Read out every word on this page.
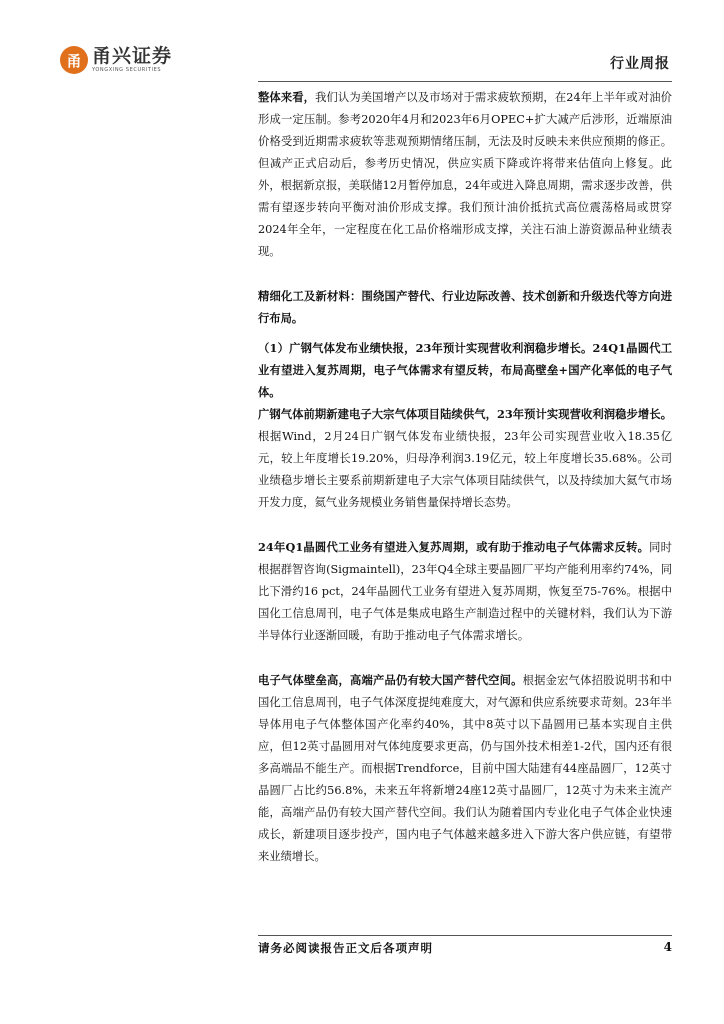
甬 甬兴证券
YONGXING SECURITIES	行业周报

整体来看，我们认为美国增产以及市场对于需求疲软预期，在24年上半年或对油价形成一定压制。参考2020年4月和2023年6月OPEC+扩大减产后涉形，近端原油价格受到近期需求疲软等悲观预期情绪压制，无法及时反映未来供应预期的修正。但减产正式启动后，参考历史情况，供应实质下降或许将带来估值向上修复。此外，根据新京报，美联储12月暂停加息，24年或进入降息周期，需求逐步改善，供需有望逐步转向平衡对油价形成支撑。我们预计油价抵抗式高位震荡格局或贯穿2024年全年，一定程度在化工品价格端形成支撑，关注石油上游资源品种业绩表现。

精细化工及新材料：围绕国产替代、行业边际改善、技术创新和升级迭代等方向进行布局。

（1）广钢气体发布业绩快报，23年预计实现营收利润稳步增长。24Q1晶圆代工业有望进入复苏周期，电子气体需求有望反转，布局高壁垒+国产化率低的电子气体。

广钢气体前期新建电子大宗气体项目陆续供气，23年预计实现营收利润稳步增长。根据Wind，2月24日广钢气体发布业绩快报，23年公司实现营业收入18.35亿元，较上年度增长19.20%，归母净利润3.19亿元，较上年度增长35.68%。公司业绩稳步增长主要系前期新建电子大宗气体项目陆续供气，以及持续加大氦气市场开发力度，氦气业务规模业务销售量保持增长态势。

24年Q1晶圆代工业务有望进入复苏周期，或有助于推动电子气体需求反转。同时根据群智咨询(Sigmaintell)，23年Q4全球主要晶圆厂平均产能利用率约74%，同比下滑约16 pct，24年晶圆代工业务有望进入复苏周期，恢复至75-76%。根据中国化工信息周刊，电子气体是集成电路生产制造过程中的关键材料，我们认为下游半导体行业逐渐回暖，有助于推动电子气体需求增长。

电子气体壁垒高，高端产品仍有较大国产替代空间。根据金宏气体招股说明书和中国化工信息周刊，电子气体深度提纯难度大，对气源和供应系统要求苛刻。23年半导体用电子气体整体国产化率约40%，其中8英寸以下晶圆用已基本实现自主供应，但12英寸晶圆用对气体纯度要求更高，仍与国外技术相差1-2代，国内还有很多高端品不能生产。而根据Trendforce，目前中国大陆建有44座晶圆厂，12英寸晶圆厂占比约56.8%，未来五年将新增24座12英寸晶圆厂，12英寸为未来主流产能，高端产品仍有较大国产替代空间。我们认为随着国内专业化电子气体企业快速成长，新建项目逐步投产，国内电子气体越来越多进入下游大客户供应链，有望带来业绩增长。

请务必阅读报告正文后各项声明	4
